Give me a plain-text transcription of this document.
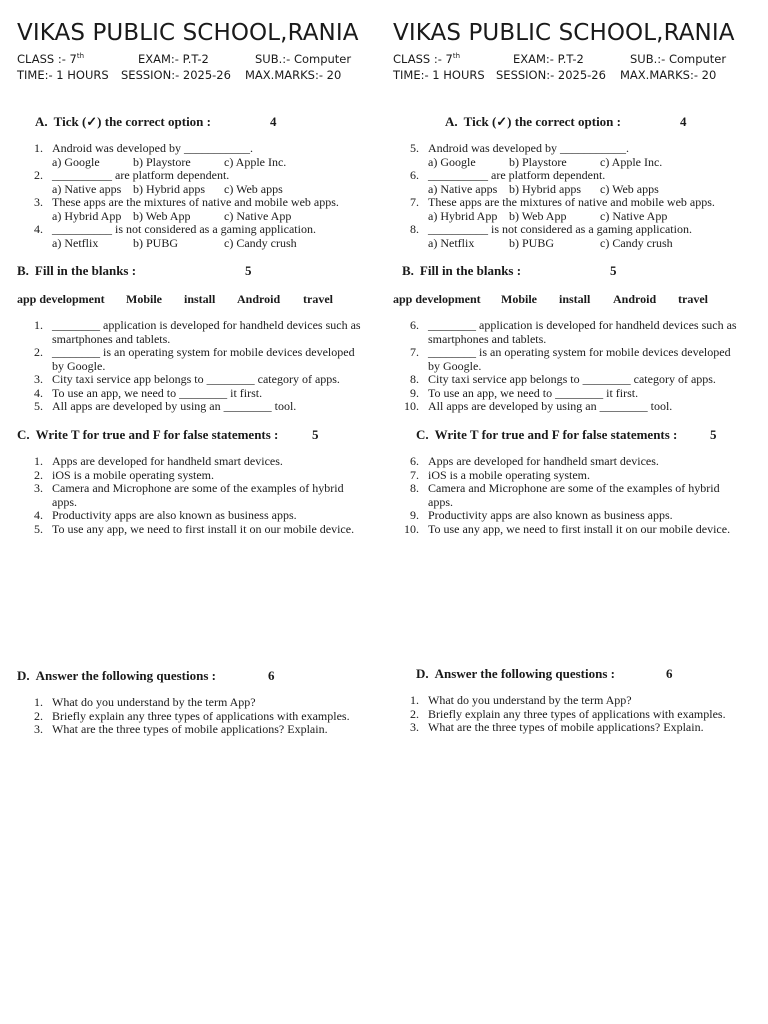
VIKAS PUBLIC SCHOOL,RANIA
CLASS :- 7th	EXAM:- P.T-2	SUB.:- Computer
TIME:- 1 HOURS SESSION:- 2025-26 MAX.MARKS:- 20
A. Tick (✓) the correct option :	4
1. Android was developed by ___________.
a) Google	b) Playstore	c) Apple Inc.
2. __________ are platform dependent.
a) Native apps b) Hybrid apps	c) Web apps
3. These apps are the mixtures of native and mobile web apps.
a) Hybrid App b) Web App	c) Native App
4. __________ is not considered as a gaming application.
a) Netflix	b) PUBG	c) Candy crush
B. Fill in the blanks :	5
app development Mobile install Android travel
1. ________ application is developed for handheld devices such as
smartphones and tablets.
2. ________ is an operating system for mobile devices developed
by Google.
3. City taxi service app belongs to ________ category of apps.
4. To use an app, we need to ________ it first.
5. All apps are developed by using an ________ tool.
C. Write T for true and F for false statements :	5
1. Apps are developed for handheld smart devices.
2. iOS is a mobile operating system.
3. Camera and Microphone are some of the examples of hybrid
apps.
4. Productivity apps are also known as business apps.
5. To use any app, we need to first install it on our mobile device.
D. Answer the following questions :	6
1. What do you understand by the term App?
2. Briefly explain any three types of applications with examples.
3. What are the three types of mobile applications? Explain.
VIKAS PUBLIC SCHOOL,RANIA
CLASS :- 7th	EXAM:- P.T-2	SUB.:- Computer
TIME:- 1 HOURS SESSION:- 2025-26 MAX.MARKS:- 20
A. Tick (✓) the correct option :	4
5. Android was developed by ___________.
a) Google	b) Playstore	c) Apple Inc.
6. __________ are platform dependent.
a) Native apps b) Hybrid apps	c) Web apps
7. These apps are the mixtures of native and mobile web apps.
a) Hybrid App b) Web App	c) Native App
8. __________ is not considered as a gaming application.
a) Netflix	b) PUBG	c) Candy crush
B. Fill in the blanks :	5
app development Mobile install Android travel
6. ________ application is developed for handheld devices such as
smartphones and tablets.
7. ________ is an operating system for mobile devices developed
by Google.
8. City taxi service app belongs to ________ category of apps.
9. To use an app, we need to ________ it first.
10. All apps are developed by using an ________ tool.
C. Write T for true and F for false statements :	5
6. Apps are developed for handheld smart devices.
7. iOS is a mobile operating system.
8. Camera and Microphone are some of the examples of hybrid
apps.
9. Productivity apps are also known as business apps.
10. To use any app, we need to first install it on our mobile device.
D. Answer the following questions :	6
1. What do you understand by the term App?
2. Briefly explain any three types of applications with examples.
3. What are the three types of mobile applications? Explain.
